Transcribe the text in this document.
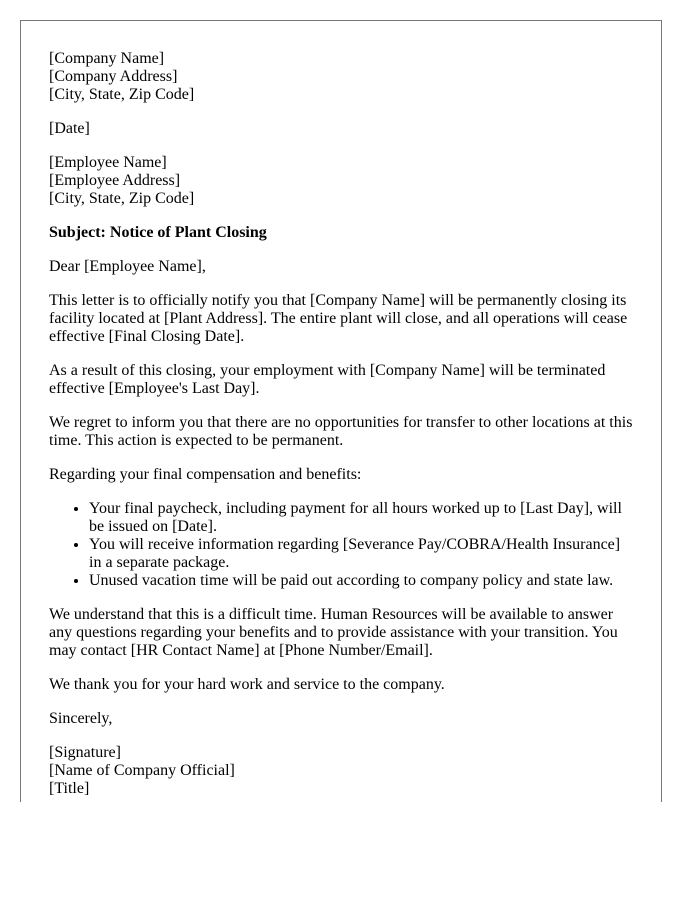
[Company Name]
[Company Address]
[City, State, Zip Code]
[Date]
[Employee Name]
[Employee Address]
[City, State, Zip Code]
Subject: Notice of Plant Closing
Dear [Employee Name],

This letter is to officially notify you that [Company Name] will be permanently closing its facility located at [Plant Address]. The entire plant will close, and all operations will cease effective [Final Closing Date].

As a result of this closing, your employment with [Company Name] will be terminated effective [Employee's Last Day].

We regret to inform you that there are no opportunities for transfer to other locations at this time. This action is expected to be permanent.

Regarding your final compensation and benefits:

• Your final paycheck, including payment for all hours worked up to [Last Day], will be issued on [Date].
• You will receive information regarding [Severance Pay/COBRA/Health Insurance] in a separate package.
• Unused vacation time will be paid out according to company policy and state law.

We understand that this is a difficult time. Human Resources will be available to answer any questions regarding your benefits and to provide assistance with your transition. You may contact [HR Contact Name] at [Phone Number/Email].

We thank you for your hard work and service to the company.

Sincerely,
[Signature]
[Name of Company Official]
[Title]
